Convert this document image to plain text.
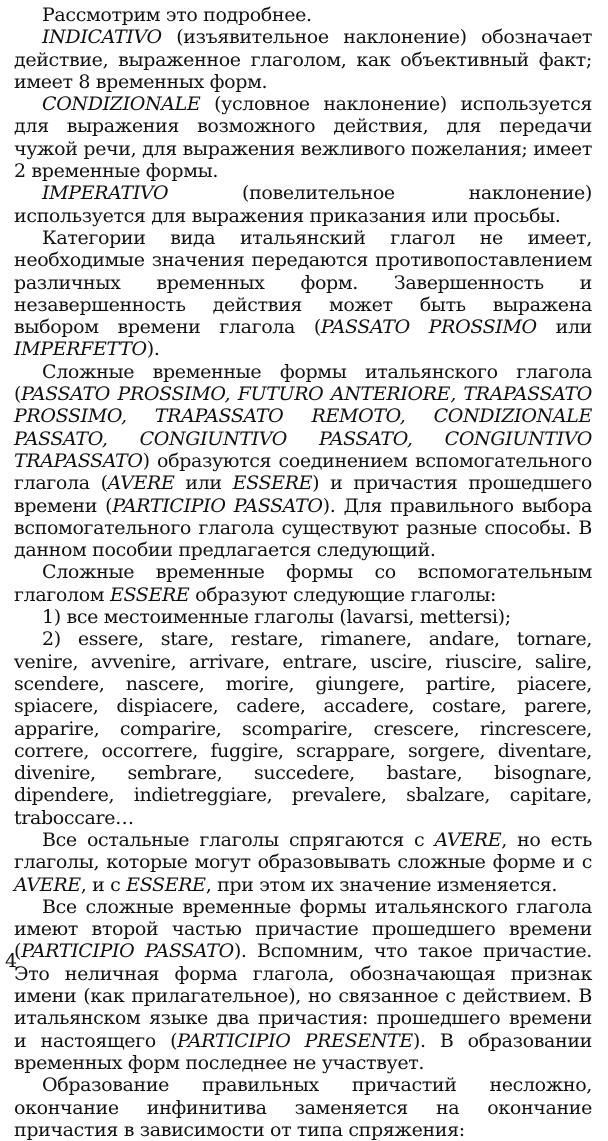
Рассмотрим это подробнее.

INDICATIVO (изъявительное наклонение) обозначает действие, выраженное глаголом, как объективный факт; имеет 8 временных форм.

CONDIZIONALE (условное наклонение) используется для выражения возможного действия, для передачи чужой речи, для выражения вежливого пожелания; имеет 2 временные формы.

IMPERATIVO (повелительное наклонение) используется для выражения приказания или просьбы.

Категории вида итальянский глагол не имеет, необходимые значения передаются противопоставлением различных временных форм. Завершенность и незавершенность действия может быть выражена выбором времени глагола (PASSATO PROSSIMO или IMPERFETTO).

Сложные временные формы итальянского глагола (PASSATO PROSSIMO, FUTURO ANTERIORE, TRAPASSATO PROSSIMO, TRAPASSATO REMOTO, CONDIZIONALE PASSATO, CONGIUNTIVO PASSATO, CONGIUNTIVO TRAPASSATO) образуются соединением вспомогательного глагола (AVERE или ESSERE) и причастия прошедшего времени (PARTICIPIO PASSATO). Для правильного выбора вспомогательного глагола существуют разные способы. В данном пособии предлагается следующий.

Сложные временные формы со вспомогательным глаголом ESSERE образуют следующие глаголы:

1) все местоименные глаголы (lavarsi, mettersi);

2) essere, stare, restare, rimanere, andare, tornare, venire, avvenire, arrivare, entrare, uscire, riuscire, salire, scendere, nascere, morire, giungere, partire, piacere, spiacere, dispiacere, cadere, accadere, costare, parere, apparire, comparire, scomparire, crescere, rincrescere, correre, occorrere, fuggire, scrappare, sorgere, diventare, divenire, sembrare, succedere, bastare, bisognare, dipendere, indietreggiare, prevalere, sbalzare, capitare, traboccare…

Все остальные глаголы спрягаются с AVERE, но есть глаголы, которые могут образовывать сложные форме и с AVERE, и с ESSERE, при этом их значение изменяется.

Все сложные временные формы итальянского глагола имеют второй частью причастие прошедшего времени (PARTICIPIO PASSATO). Вспомним, что такое причастие. Это неличная форма глагола, обозначающая признак имени (как прилагательное), но связанное с действием. В итальянском языке два причастия: прошедшего времени и настоящего (PARTICIPIO PRESENTE). В образовании временных форм последнее не участвует.

Образование правильных причастий несложно, окончание инфинитива заменяется на окончание причастия в зависимости от типа спряжения:

4
